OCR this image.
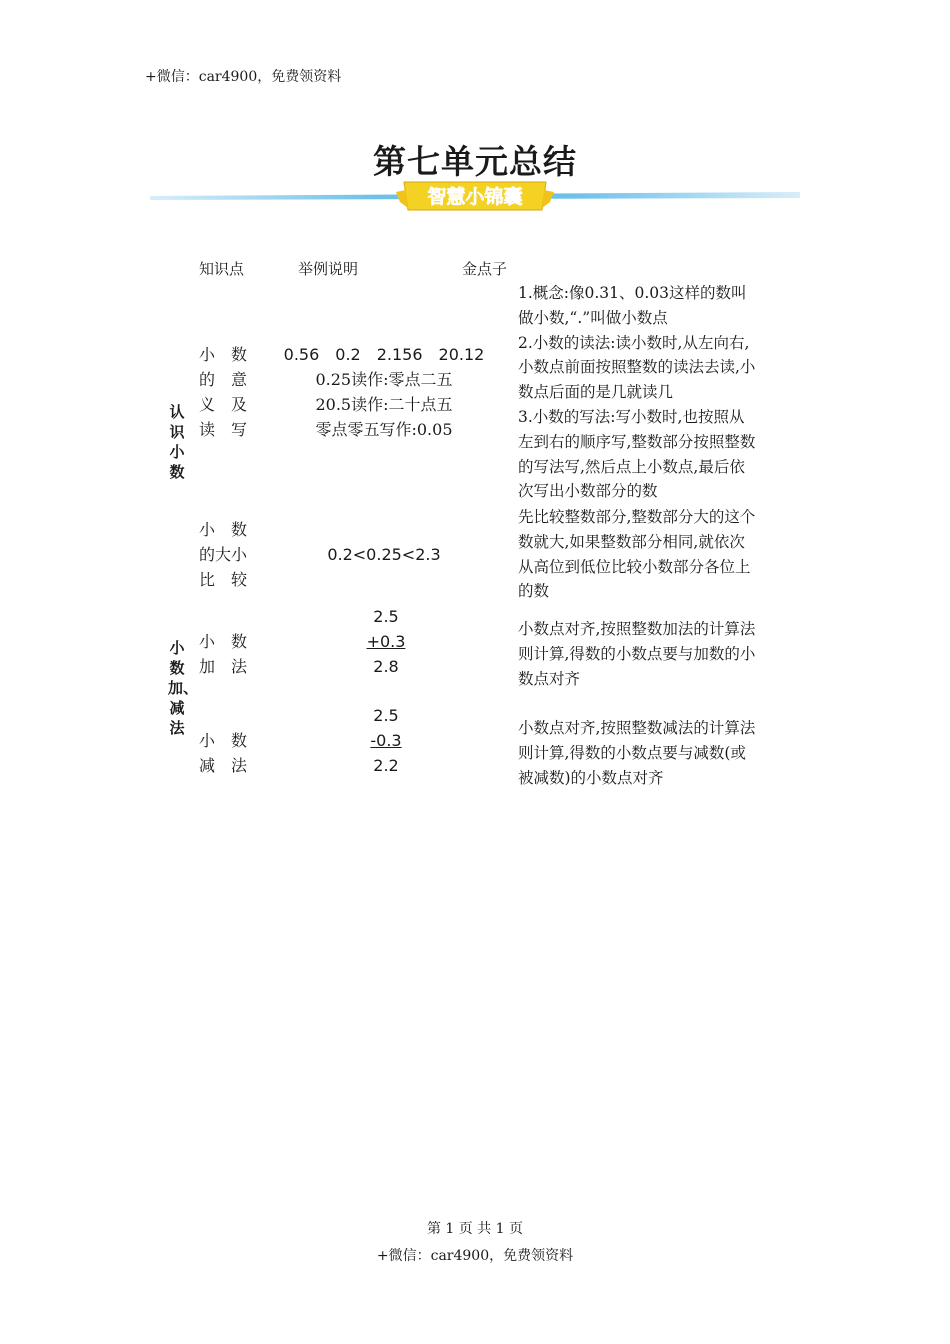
+微信：car4900，免费领资料
第七单元总结
智慧小锦囊
知识点	举例说明	金点子
认识小数
小数加、减法
小　数
的　意
义　及
读　写
0.56　0.2　2.156　20.12
0.25读作:零点二五
20.5读作:二十点五
零点零五写作:0.05
1.概念:像0.31、0.03这样的数叫
做小数,“.”叫做小数点
2.小数的读法:读小数时,从左向右,
小数点前面按照整数的读法去读,小
数点后面的是几就读几
3.小数的写法:写小数时,也按照从
左到右的顺序写,整数部分按照整数
的写法写,然后点上小数点,最后依
次写出小数部分的数
小　数
的大小
比　较
0.2<0.25<2.3
先比较整数部分,整数部分大的这个
数就大,如果整数部分相同,就依次
从高位到低位比较小数部分各位上
的数
小　数
加　法
2.5
+0.3
2.8
小数点对齐,按照整数加法的计算法
则计算,得数的小数点要与加数的小
数点对齐
小　数
减　法
2.5
-0.3
2.2
小数点对齐,按照整数减法的计算法
则计算,得数的小数点要与减数(或
被减数)的小数点对齐
第 1 页 共 1 页
+微信：car4900，免费领资料
